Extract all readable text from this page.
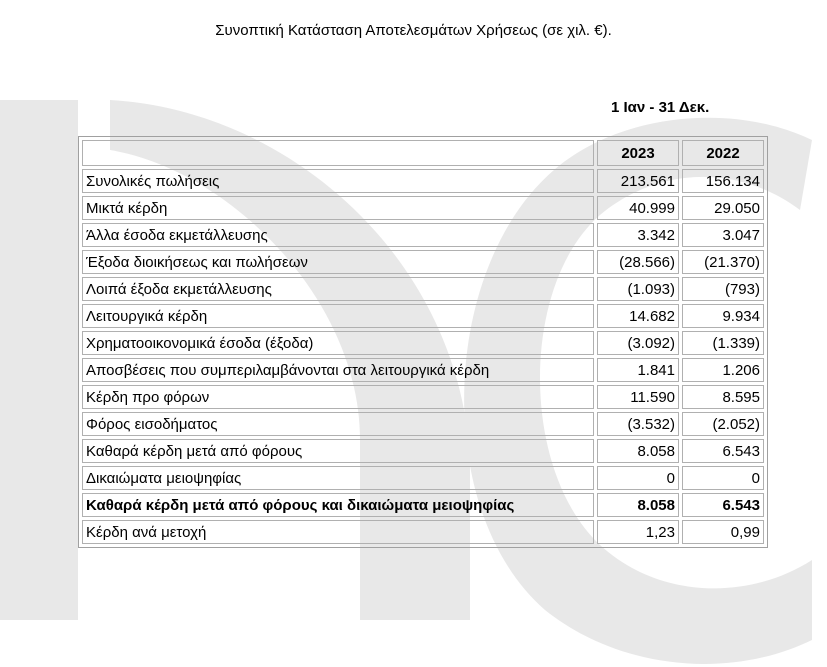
Συνοπτική Κατάσταση Αποτελεσμάτων Χρήσεως (σε χιλ. €).
1 Ιαν - 31 Δεκ.
	2023	2022
Συνολικές πωλήσεις	213.561	156.134
Μικτά κέρδη	40.999	29.050
Άλλα έσοδα εκμετάλλευσης	3.342	3.047
Έξοδα διοικήσεως και πωλήσεων	(28.566)	(21.370)
Λοιπά έξοδα εκμετάλλευσης	(1.093)	(793)
Λειτουργικά κέρδη	14.682	9.934
Χρηματοοικονομικά έσοδα (έξοδα)	(3.092)	(1.339)
Αποσβέσεις που συμπεριλαμβάνονται στα λειτουργικά κέρδη	1.841	1.206
Κέρδη προ φόρων	11.590	8.595
Φόρος εισοδήματος	(3.532)	(2.052)
Καθαρά κέρδη μετά από φόρους	8.058	6.543
Δικαιώματα μειοψηφίας	0	0
Καθαρά κέρδη μετά από φόρους και δικαιώματα μειοψηφίας	8.058	6.543
Κέρδη ανά μετοχή	1,23	0,99
